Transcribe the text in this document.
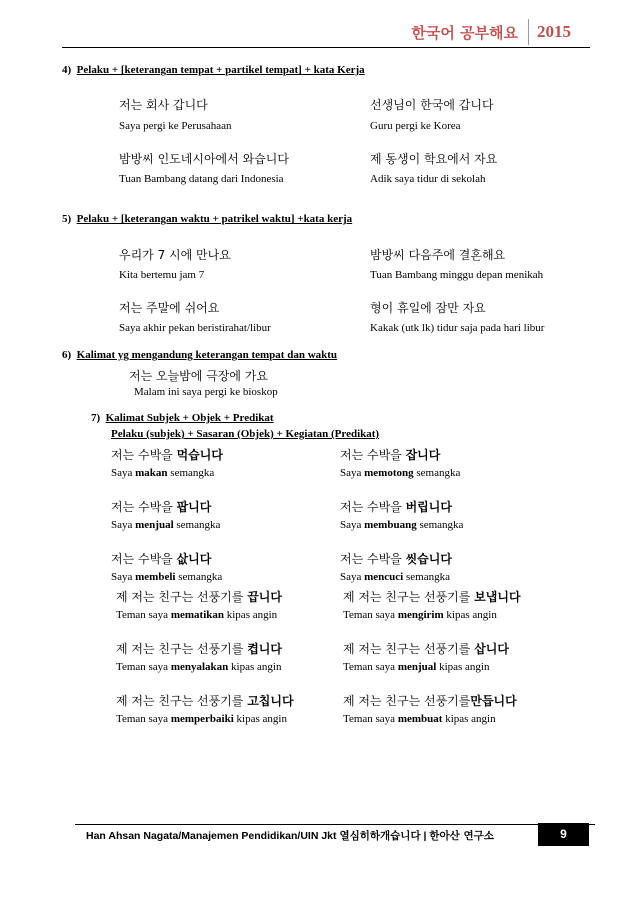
한국어 공부해요	2015
4) Pelaku + [keterangan tempat + partikel tempat] + kata Kerja
저는 회사 갑니다
Saya pergi ke Perusahaan
선생님이 한국에 갑니다
Guru pergi ke Korea
밤방씨 인도네시아에서 와습니다
Tuan Bambang datang dari Indonesia
제 동생이 학요에서 자요
Adik saya tidur di sekolah
5) Pelaku + [keterangan waktu + patrikel waktu] +kata kerja
우리가 7 시에 만나요
Kita bertemu jam 7
밤방씨 다음주에 결혼해요
Tuan Bambang minggu depan menikah
저는 주말에 쉬어요
Saya akhir pekan beristirahat/libur
형이 휴일에 잠만 자요
Kakak (utk lk) tidur saja pada hari libur
6) Kalimat yg mengandung keterangan tempat dan waktu
저는 오늘밤에 극장에 가요
Malam ini saya pergi ke bioskop
7) Kalimat Subjek + Objek + Predikat
Pelaku (subjek) + Sasaran (Objek) + Kegiatan (Predikat)
저는 수박을 먹습니다
Saya makan semangka
저는 수박을 잡니다
Saya memotong semangka
저는 수박을 팝니다
Saya menjual semangka
저는 수박을 버립니다
Saya membuang semangka
저는 수박을 삾니다
Saya membeli semangka
저는 수박을 씻습니다
Saya mencuci semangka
제 저는 친구는 선풍기를 끕니다
Teman saya mematikan kipas angin
제 저는 친구는 선풍기를 보냅니다
Teman saya mengirim kipas angin
제 저는 친구는 선풍기를 켭니다
Teman saya menyalakan kipas angin
제 저는 친구는 선풍기를 삽니다
Teman saya menjual kipas angin
제 저는 친구는 선풍기를 고칩니다
Teman saya memperbaiki kipas angin
제 저는 친구는 선풍기를만듭니다
Teman saya membuat kipas angin
Han Ahsan Nagata/Manajemen Pendidikan/UIN Jkt 열심히하개습니다 | 한아산 연구소	9
